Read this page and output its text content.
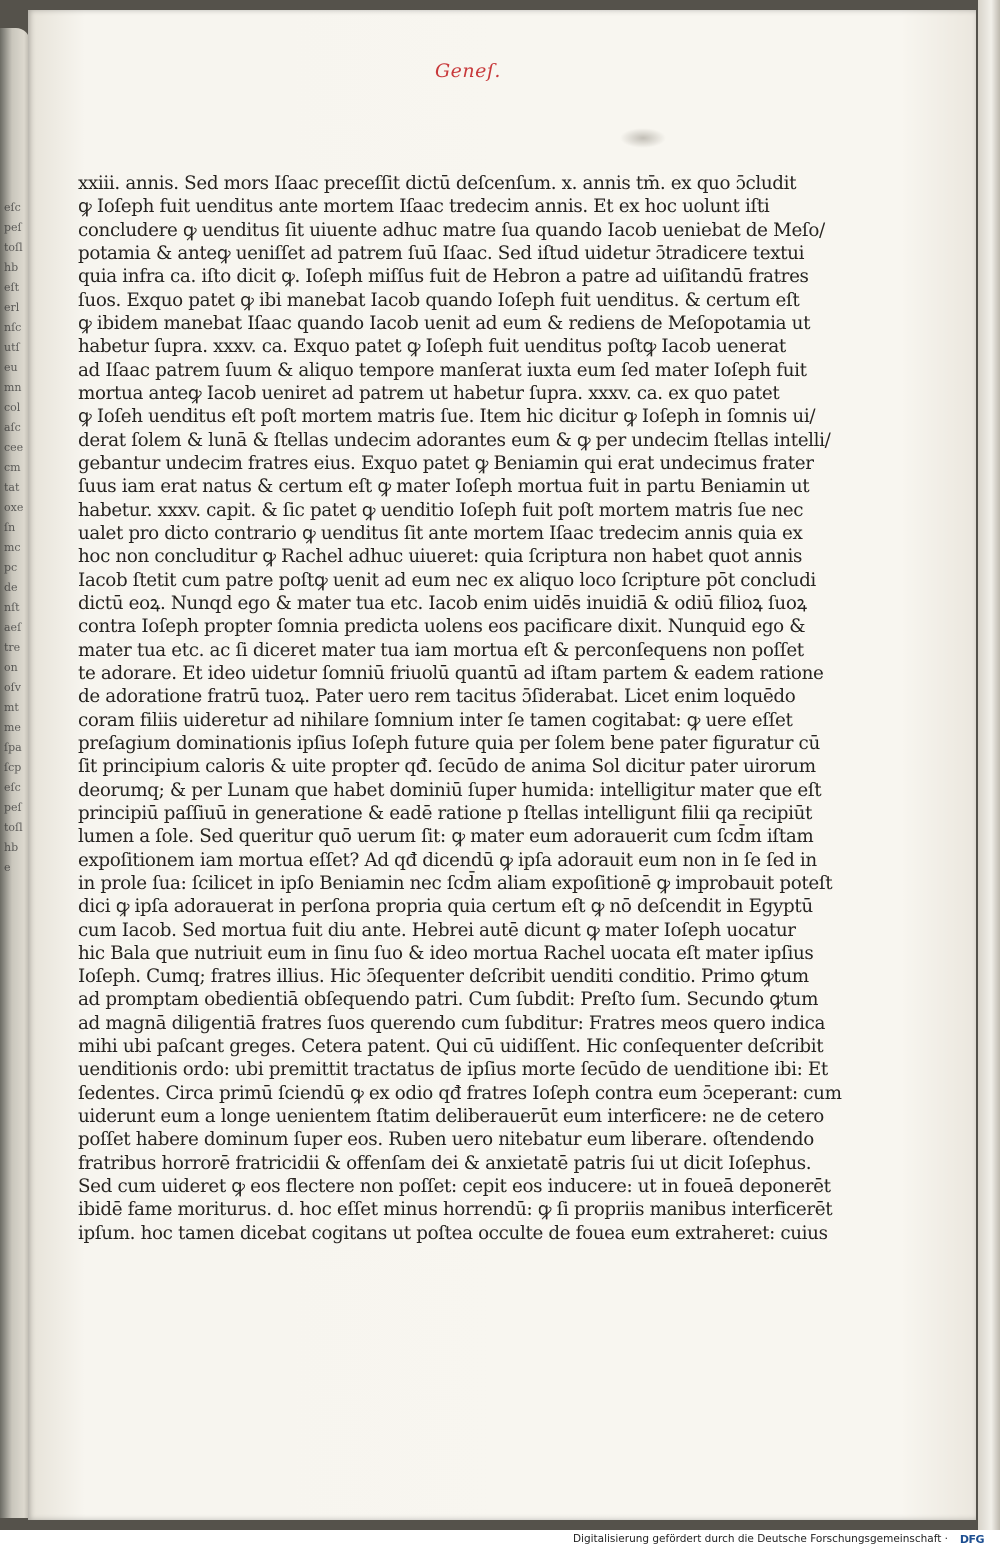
eſcpeſtoſlhbeſterlnſcutſeumncolaſcceecmtatoxeſnmcpcdenſtaeſtreonoſvmtmeſpaſcpeſcpeſtoſlhbe
Geneſ.
xxiii. annis. Sed mors Iſaac preceſſit dictū deſcenſum. x. annis tm̄. ex quo ɔ̄cludit
ꝙ Ioſeph fuit uenditus ante mortem Iſaac tredecim annis. Et ex hoc uolunt iſti
concludere ꝙ uenditus ſit uiuente adhuc matre ſua quando Iacob ueniebat de Meſo/
potamia & anteꝙ ueniſſet ad patrem ſuū Iſaac. Sed iſtud uidetur ɔ̄tradicere textui
quia infra ca. iſto dicit ꝙ. Ioſeph miſſus fuit de Hebron a patre ad uiſitandū fratres
ſuos. Exquo patet ꝙ ibi manebat Iacob quando Ioſeph fuit uenditus. & certum eſt
ꝙ ibidem manebat Iſaac quando Iacob uenit ad eum & rediens de Meſopotamia ut
habetur ſupra. xxxv. ca. Exquo patet ꝙ Ioſeph fuit uenditus poſtꝙ Iacob uenerat
ad Iſaac patrem ſuum & aliquo tempore manſerat iuxta eum ſed mater Ioſeph fuit
mortua anteꝙ Iacob ueniret ad patrem ut habetur ſupra. xxxv. ca. ex quo patet
ꝙ Ioſeh uenditus eſt poſt mortem matris ſue. Item hic dicitur ꝙ Ioſeph in ſomnis ui/
derat ſolem & lunā & ſtellas undecim adorantes eum & ꝙ per undecim ſtellas intelli/
gebantur undecim fratres eius. Exquo patet ꝙ Beniamin qui erat undecimus frater
ſuus iam erat natus & certum eſt ꝙ mater Ioſeph mortua fuit in partu Beniamin ut
habetur. xxxv. capit. & ſic patet ꝙ uenditio Ioſeph fuit poſt mortem matris ſue nec
ualet pro dicto contrario ꝙ uenditus ſit ante mortem Iſaac tredecim annis quia ex
hoc non concluditur ꝙ Rachel adhuc uiueret: quia ſcriptura non habet quot annis
Iacob ſtetit cum patre poſtꝙ uenit ad eum nec ex aliquo loco ſcripture pōt concludi
dictū eoꝝ. Nunqd ego & mater tua etc. Iacob enim uidēs inuidiā & odiū filioꝝ ſuoꝝ
contra Ioſeph propter ſomnia predicta uolens eos pacificare dixit. Nunquid ego &
mater tua etc. ac ſi diceret mater tua iam mortua eſt & perconſequens non poſſet
te adorare. Et ideo uidetur ſomniū friuolū quantū ad iſtam partem & eadem ratione
de adoratione fratrū tuoꝝ. Pater uero rem tacitus ɔ̄ſiderabat. Licet enim loquēdo
coram filiis uideretur ad nihilare ſomnium inter ſe tamen cogitabat: ꝙ uere eſſet
preſagium dominationis ipſius Ioſeph future quia per ſolem bene pater figuratur cū
ſit principium caloris & uite propter qđ. ſecūdo de anima Sol dicitur pater uirorum
deorumq; & per Lunam que habet dominiū ſuper humida: intelligitur mater que eſt
principiū paſſiuū in generatione & eadē ratione p ſtellas intelligunt filii qa recipiūt
lumen a ſole. Sed queritur quō uerum ſit: ꝙ mater eum adorauerit cum ſcd̄m iſtam
expoſitionem iam mortua eſſet? Ad qđ dicendū ꝙ ipſa adorauit eum non in ſe ſed in
in prole ſua: ſcilicet in ipſo Beniamin nec ſcd̄m aliam expoſitionē ꝙ improbauit poteſt
dici ꝙ ipſa adorauerat in perſona propria quia certum eſt ꝙ nō deſcendit in Egyptū
cum Iacob. Sed mortua fuit diu ante. Hebrei autē dicunt ꝙ mater Ioſeph uocatur
hic Bala que nutriuit eum in ſinu ſuo & ideo mortua Rachel uocata eſt mater ipſius
Ioſeph. Cumq; fratres illius. Hic ɔ̄ſequenter deſcribit uenditi conditio. Primo ꝙtum
ad promptam obedientiā obſequendo patri. Cum ſubdit: Preſto ſum. Secundo ꝙtum
ad magnā diligentiā fratres ſuos querendo cum ſubditur: Fratres meos quero indica
mihi ubi paſcant greges. Cetera patent. Qui cū uidiſſent. Hic conſequenter deſcribit
uenditionis ordo: ubi premittit tractatus de ipſius morte ſecūdo de uenditione ibi: Et
ſedentes. Circa primū ſciendū ꝙ ex odio qđ fratres Ioſeph contra eum ɔ̄ceperant: cum
uiderunt eum a longe uenientem ſtatim deliberauerūt eum interficere: ne de cetero
poſſet habere dominum ſuper eos. Ruben uero nitebatur eum liberare. oſtendendo
fratribus horrorē fratricidii & offenſam dei & anxietatē patris ſui ut dicit Ioſephus.
Sed cum uideret ꝙ eos flectere non poſſet: cepit eos inducere: ut in foueā deponerēt
ibidē fame moriturus. d. hoc eſſet minus horrendū: ꝙ ſi propriis manibus interficerēt
ipſum. hoc tamen dicebat cogitans ut poſtea occulte de fouea eum extraheret: cuius
Digitalisierung gefördert durch die Deutsche Forschungsgemeinschaft ·	DFG
